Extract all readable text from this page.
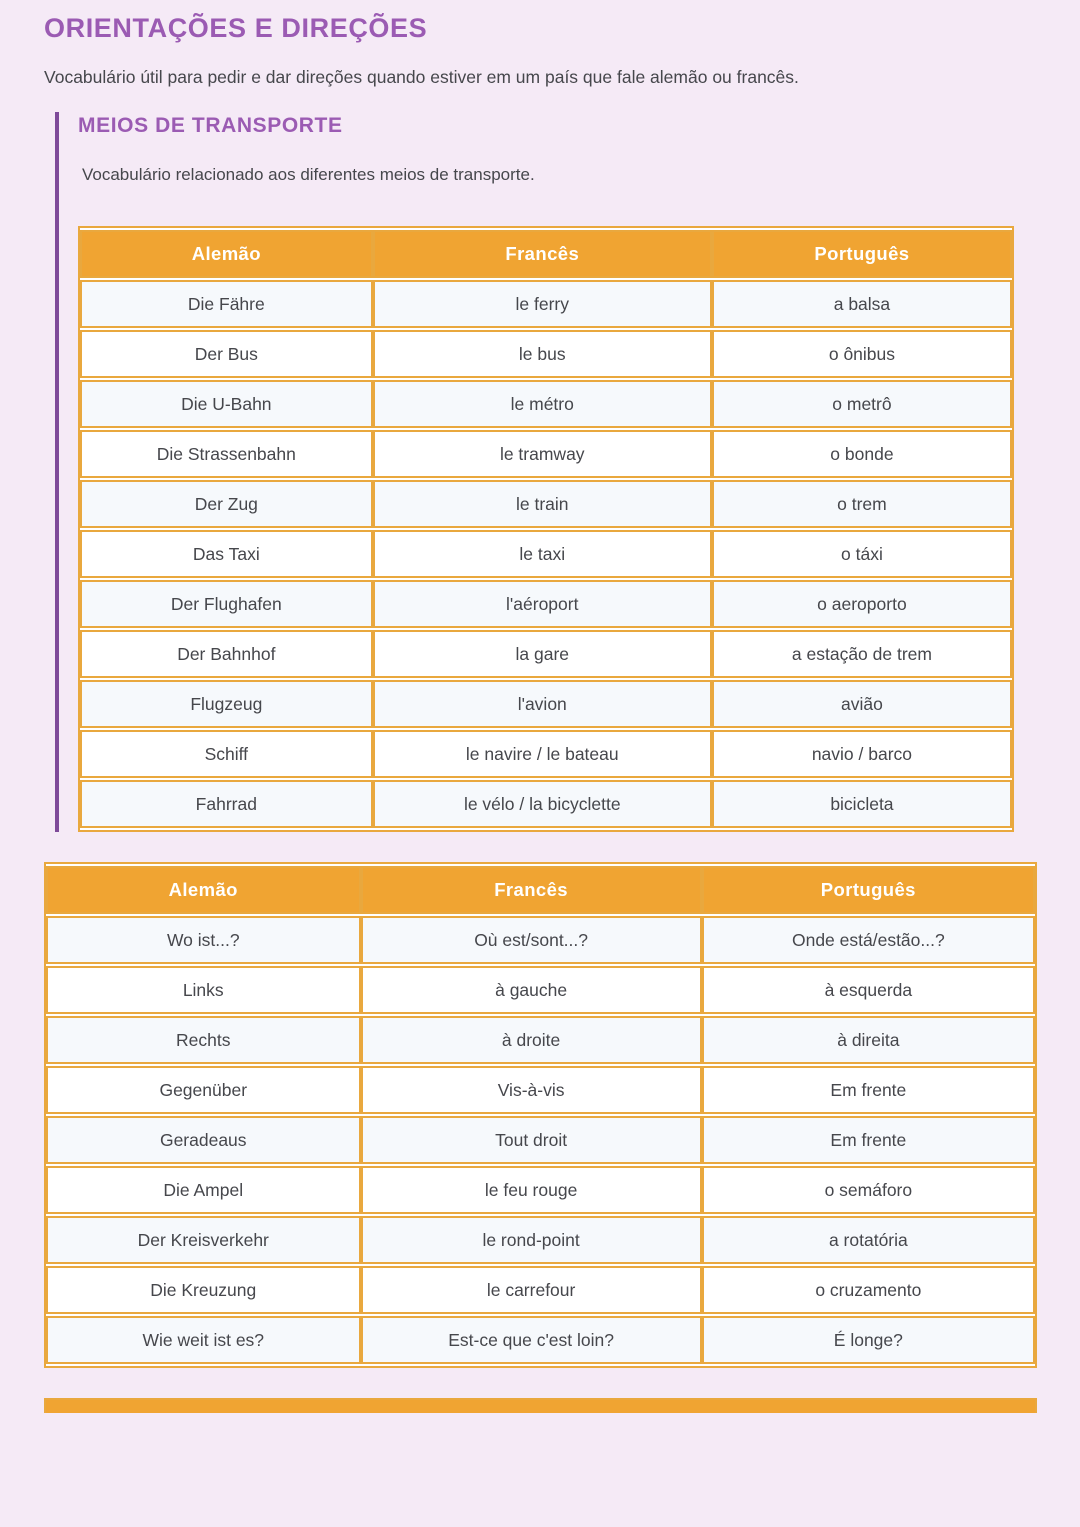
ORIENTAÇÕES E DIREÇÕES
Vocabulário útil para pedir e dar direções quando estiver em um país que fale alemão ou francês.
MEIOS DE TRANSPORTE
Vocabulário relacionado aos diferentes meios de transporte.
Alemão	Francês	Português
Die Fähre	le ferry	a balsa
Der Bus	le bus	o ônibus
Die U-Bahn	le métro	o metrô
Die Strassenbahn	le tramway	o bonde
Der Zug	le train	o trem
Das Taxi	le taxi	o táxi
Der Flughafen	l'aéroport	o aeroporto
Der Bahnhof	la gare	a estação de trem
Flugzeug	l'avion	avião
Schiff	le navire / le bateau	navio / barco
Fahrrad	le vélo / la bicyclette	bicicleta
Alemão	Francês	Português
Wo ist...?	Où est/sont...?	Onde está/estão...?
Links	à gauche	à esquerda
Rechts	à droite	à direita
Gegenüber	Vis-à-vis	Em frente
Geradeaus	Tout droit	Em frente
Die Ampel	le feu rouge	o semáforo
Der Kreisverkehr	le rond-point	a rotatória
Die Kreuzung	le carrefour	o cruzamento
Wie weit ist es?	Est-ce que c'est loin?	É longe?
